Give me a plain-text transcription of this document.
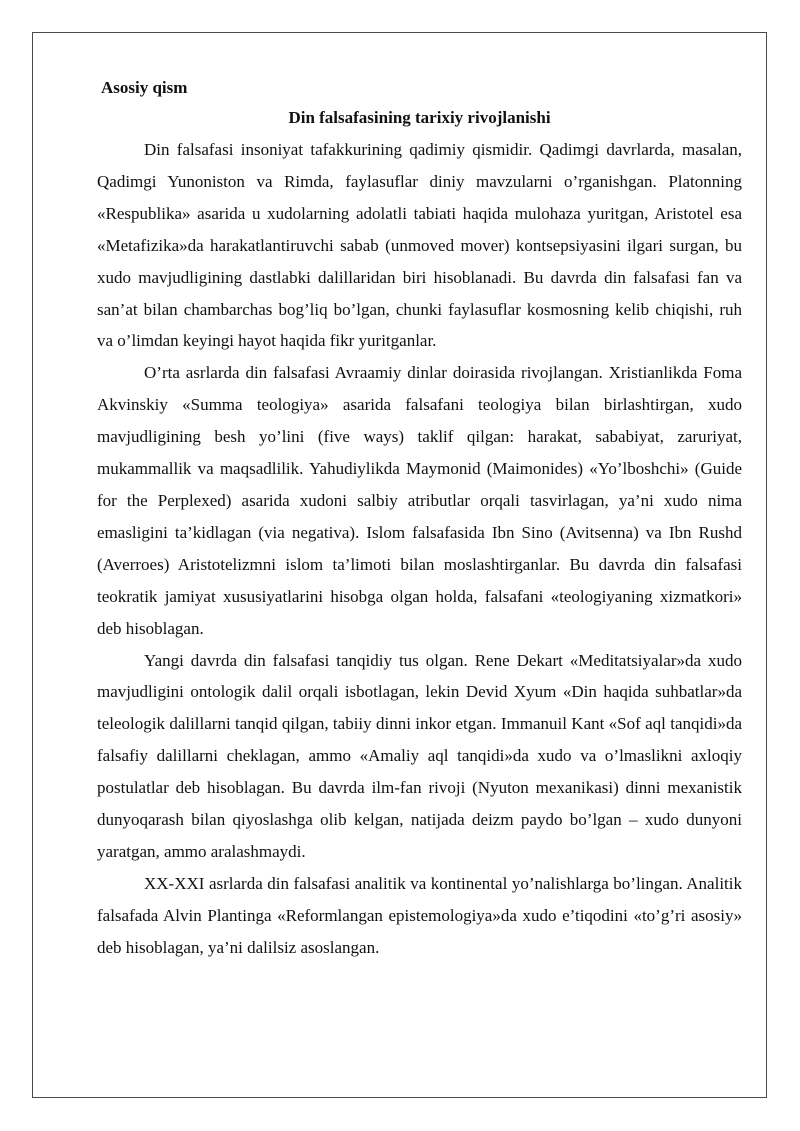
Asosiy qism
Din falsafasining tarixiy rivojlanishi

Din falsafasi insoniyat tafakkurining qadimiy qismidir. Qadimgi davrlarda, masalan, Qadimgi Yunoniston va Rimda, faylasuflar diniy mavzularni o’rganishgan. Platonning «Respublika» asarida u xudolarning adolatli tabiati haqida mulohaza yuritgan, Aristotel esa «Metafizika»da harakatlantiruvchi sabab (unmoved mover) kontsepsiyasini ilgari surgan, bu xudo mavjudligining dastlabki dalillaridan biri hisoblanadi. Bu davrda din falsafasi fan va san’at bilan chambarchas bog’liq bo’lgan, chunki faylasuflar kosmosning kelib chiqishi, ruh va o’limdan keyingi hayot haqida fikr yuritganlar.

O’rta asrlarda din falsafasi Avraamiy dinlar doirasida rivojlangan. Xristianlikda Foma Akvinskiy «Summa teologiya» asarida falsafani teologiya bilan birlashtirgan, xudo mavjudligining besh yo’lini (five ways) taklif qilgan: harakat, sababiyat, zaruriyat, mukammallik va maqsadlilik. Yahudiylikda Maymonid (Maimonides) «Yo’lboshchi» (Guide for the Perplexed) asarida xudoni salbiy atributlar orqali tasvirlagan, ya’ni xudo nima emasligini ta’kidlagan (via negativa). Islom falsafasida Ibn Sino (Avitsenna) va Ibn Rushd (Averroes) Aristotelizmni islom ta’limoti bilan moslashtirganlar. Bu davrda din falsafasi teokratik jamiyat xususiyatlarini hisobga olgan holda, falsafani «teologiyaning xizmatkori» deb hisoblagan.

Yangi davrda din falsafasi tanqidiy tus olgan. Rene Dekart «Meditatsiyalar»da xudo mavjudligini ontologik dalil orqali isbotlagan, lekin Devid Xyum «Din haqida suhbatlar»da teleologik dalillarni tanqid qilgan, tabiiy dinni inkor etgan. Immanuil Kant «Sof aql tanqidi»da falsafiy dalillarni cheklagan, ammo «Amaliy aql tanqidi»da xudo va o’lmaslikni axloqiy postulatlar deb hisoblagan. Bu davrda ilm-fan rivoji (Nyuton mexanikasi) dinni mexanistik dunyoqarash bilan qiyoslashga olib kelgan, natijada deizm paydo bo’lgan – xudo dunyoni yaratgan, ammo aralashmaydi.

XX-XXI asrlarda din falsafasi analitik va kontinental yo’nalishlarga bo’lingan. Analitik falsafada Alvin Plantinga «Reformlangan epistemologiya»da xudo e’tiqodini «to’g’ri asosiy» deb hisoblagan, ya’ni dalilsiz asoslangan.
